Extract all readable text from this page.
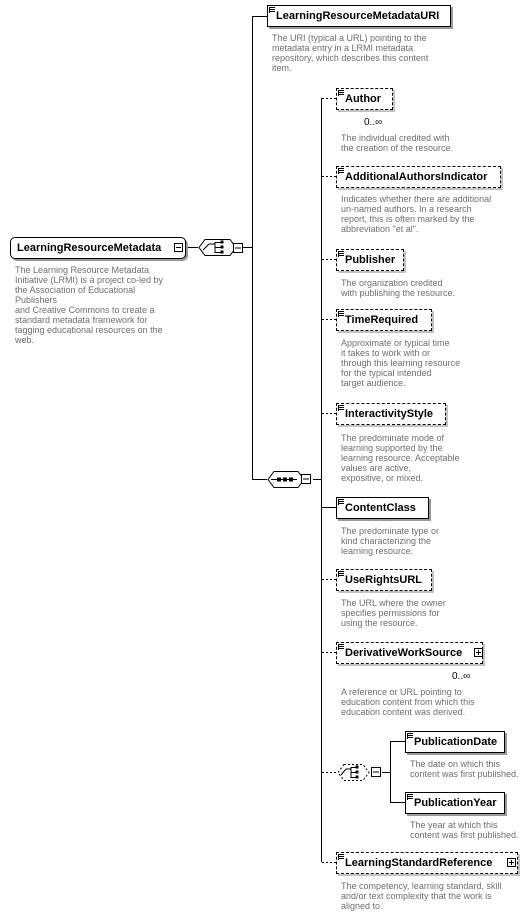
LearningResourceMetadata
The Learning Resource Metadata
Initiative (LRMI) is a project co-led by
the Association of Educational
Publishers
and Creative Commons to create a
standard metadata framework for
tagging educational resources on the
web.
LearningResourceMetadataURI
The URI (typical a URL) pointing to the
metadata entry in a LRMI metadata
repository, which describes this content
item.
Author
0..∞
The individual credited with
the creation of the resource.
AdditionalAuthorsIndicator
Indicates whether there are additional
un-named authors. In a research
report, this is often marked by the
abbreviation "et al".
Publisher
The organization credited
with publishing the resource.
TimeRequired
Approximate or typical time
it takes to work with or
through this learning resource
for the typical intended
target audience.
InteractivityStyle
The predominate mode of
learning supported by the
learning resource. Acceptable
values are active,
expositive, or mixed.
ContentClass
The predominate type or
kind characterizing the
learning resource.
UseRightsURL
The URL where the owner
specifies permissions for
using the resource.
DerivativeWorkSource
0..∞
A reference or URL pointing to
education content from which this
education content was derived.
PublicationDate
The date on which this
content was first published.
PublicationYear
The year at which this
content was first published.
LearningStandardReference
The competency, learning standard, skill
and/or text complexity that the work is
aligned to.
